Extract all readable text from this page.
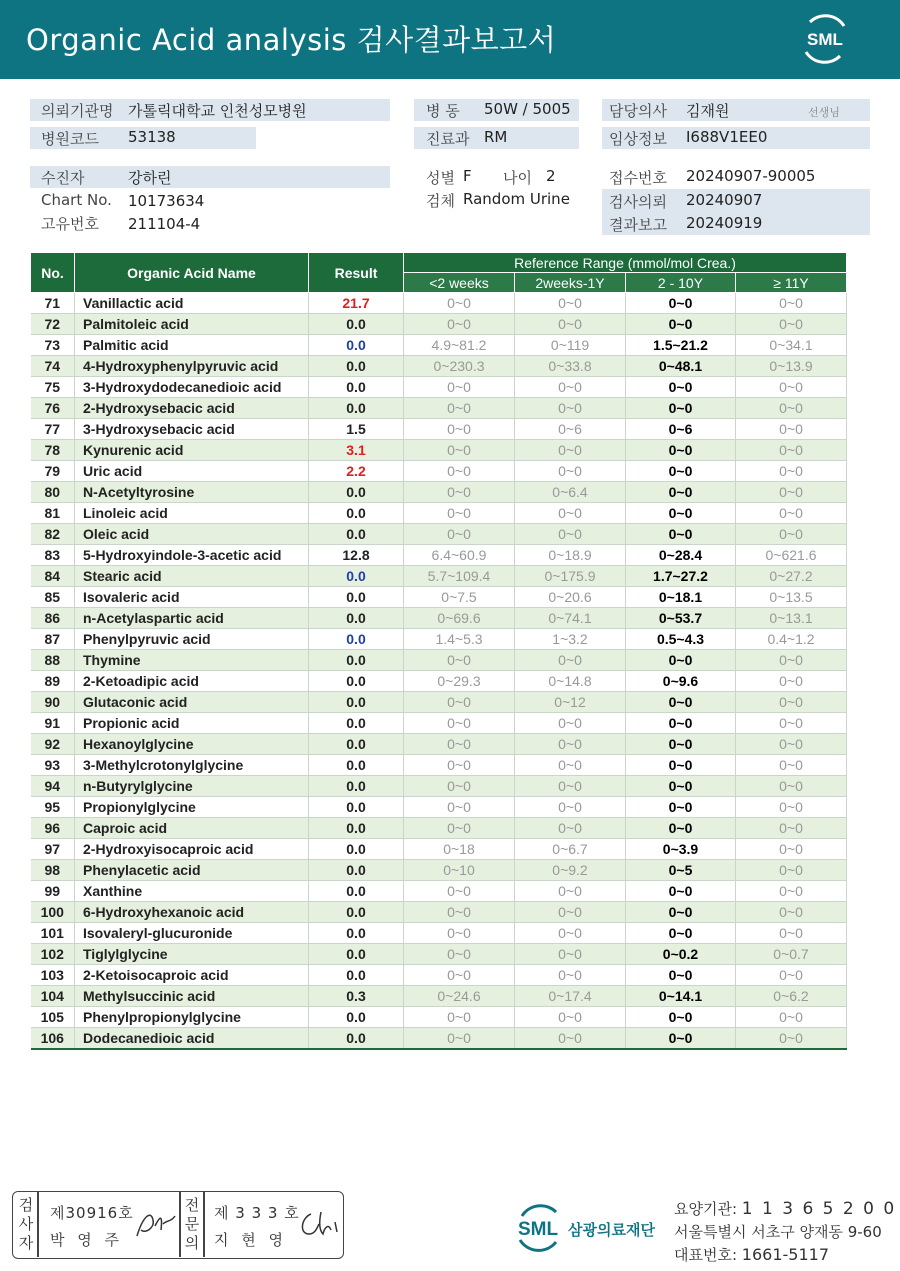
Organic Acid analysis 검사결과보고서	SML
의뢰기관명 가톨릭대학교 인천성모병원
병원코드 53138
병 동 50W / 5005
진료과 RM
담당의사 김재원	선생님
임상정보 I688V1EE0
수진자	강하린
Chart No. 10173634
고유번호 211104-4
성별 F 나이 2
검체 Random Urine
접수번호 20240907-90005
검사의뢰 20240907
결과보고 20240919
No.	Organic Acid Name	Result	Reference Range (mmol/mol Crea.)			
			<2 weeks	2weeks-1Y	2 - 10Y	≥ 11Y
71	Vanillactic acid	21.7	0~0	0~0	0~0	0~0
72	Palmitoleic acid	0.0	0~0	0~0	0~0	0~0
73	Palmitic acid	0.0	4.9~81.2	0~119	1.5~21.2	0~34.1
74	4-Hydroxyphenylpyruvic acid	0.0	0~230.3	0~33.8	0~48.1	0~13.9
75	3-Hydroxydodecanedioic acid	0.0	0~0	0~0	0~0	0~0
76	2-Hydroxysebacic acid	0.0	0~0	0~0	0~0	0~0
77	3-Hydroxysebacic acid	1.5	0~0	0~6	0~6	0~0
78	Kynurenic acid	3.1	0~0	0~0	0~0	0~0
79	Uric acid	2.2	0~0	0~0	0~0	0~0
80	N-Acetyltyrosine	0.0	0~0	0~6.4	0~0	0~0
81	Linoleic acid	0.0	0~0	0~0	0~0	0~0
82	Oleic acid	0.0	0~0	0~0	0~0	0~0
83	5-Hydroxyindole-3-acetic acid	12.8	6.4~60.9	0~18.9	0~28.4	0~621.6
84	Stearic acid	0.0	5.7~109.4	0~175.9	1.7~27.2	0~27.2
85	Isovaleric acid	0.0	0~7.5	0~20.6	0~18.1	0~13.5
86	n-Acetylaspartic acid	0.0	0~69.6	0~74.1	0~53.7	0~13.1
87	Phenylpyruvic acid	0.0	1.4~5.3	1~3.2	0.5~4.3	0.4~1.2
88	Thymine	0.0	0~0	0~0	0~0	0~0
89	2-Ketoadipic acid	0.0	0~29.3	0~14.8	0~9.6	0~0
90	Glutaconic acid	0.0	0~0	0~12	0~0	0~0
91	Propionic acid	0.0	0~0	0~0	0~0	0~0
92	Hexanoylglycine	0.0	0~0	0~0	0~0	0~0
93	3-Methylcrotonylglycine	0.0	0~0	0~0	0~0	0~0
94	n-Butyrylglycine	0.0	0~0	0~0	0~0	0~0
95	Propionylglycine	0.0	0~0	0~0	0~0	0~0
96	Caproic acid	0.0	0~0	0~0	0~0	0~0
97	2-Hydroxyisocaproic acid	0.0	0~18	0~6.7	0~3.9	0~0
98	Phenylacetic acid	0.0	0~10	0~9.2	0~5	0~0
99	Xanthine	0.0	0~0	0~0	0~0	0~0
100	6-Hydroxyhexanoic acid	0.0	0~0	0~0	0~0	0~0
101	Isovaleryl-glucuronide	0.0	0~0	0~0	0~0	0~0
102	Tiglylglycine	0.0	0~0	0~0	0~0.2	0~0.7
103	2-Ketoisocaproic acid	0.0	0~0	0~0	0~0	0~0
104	Methylsuccinic acid	0.3	0~24.6	0~17.4	0~14.1	0~6.2
105	Phenylpropionylglycine	0.0	0~0	0~0	0~0	0~0
106	Dodecanedioic acid	0.0	0~0	0~0	0~0	0~0
검
사
자
제30916호
박 영 주
전
문
의
제 3 3 3 호
지 현 영	SML 삼광의료재단
요양기관: 1 1 3 6 5 2 0 0
서울특별시 서초구 양재동 9-60
대표번호: 1661-5117
